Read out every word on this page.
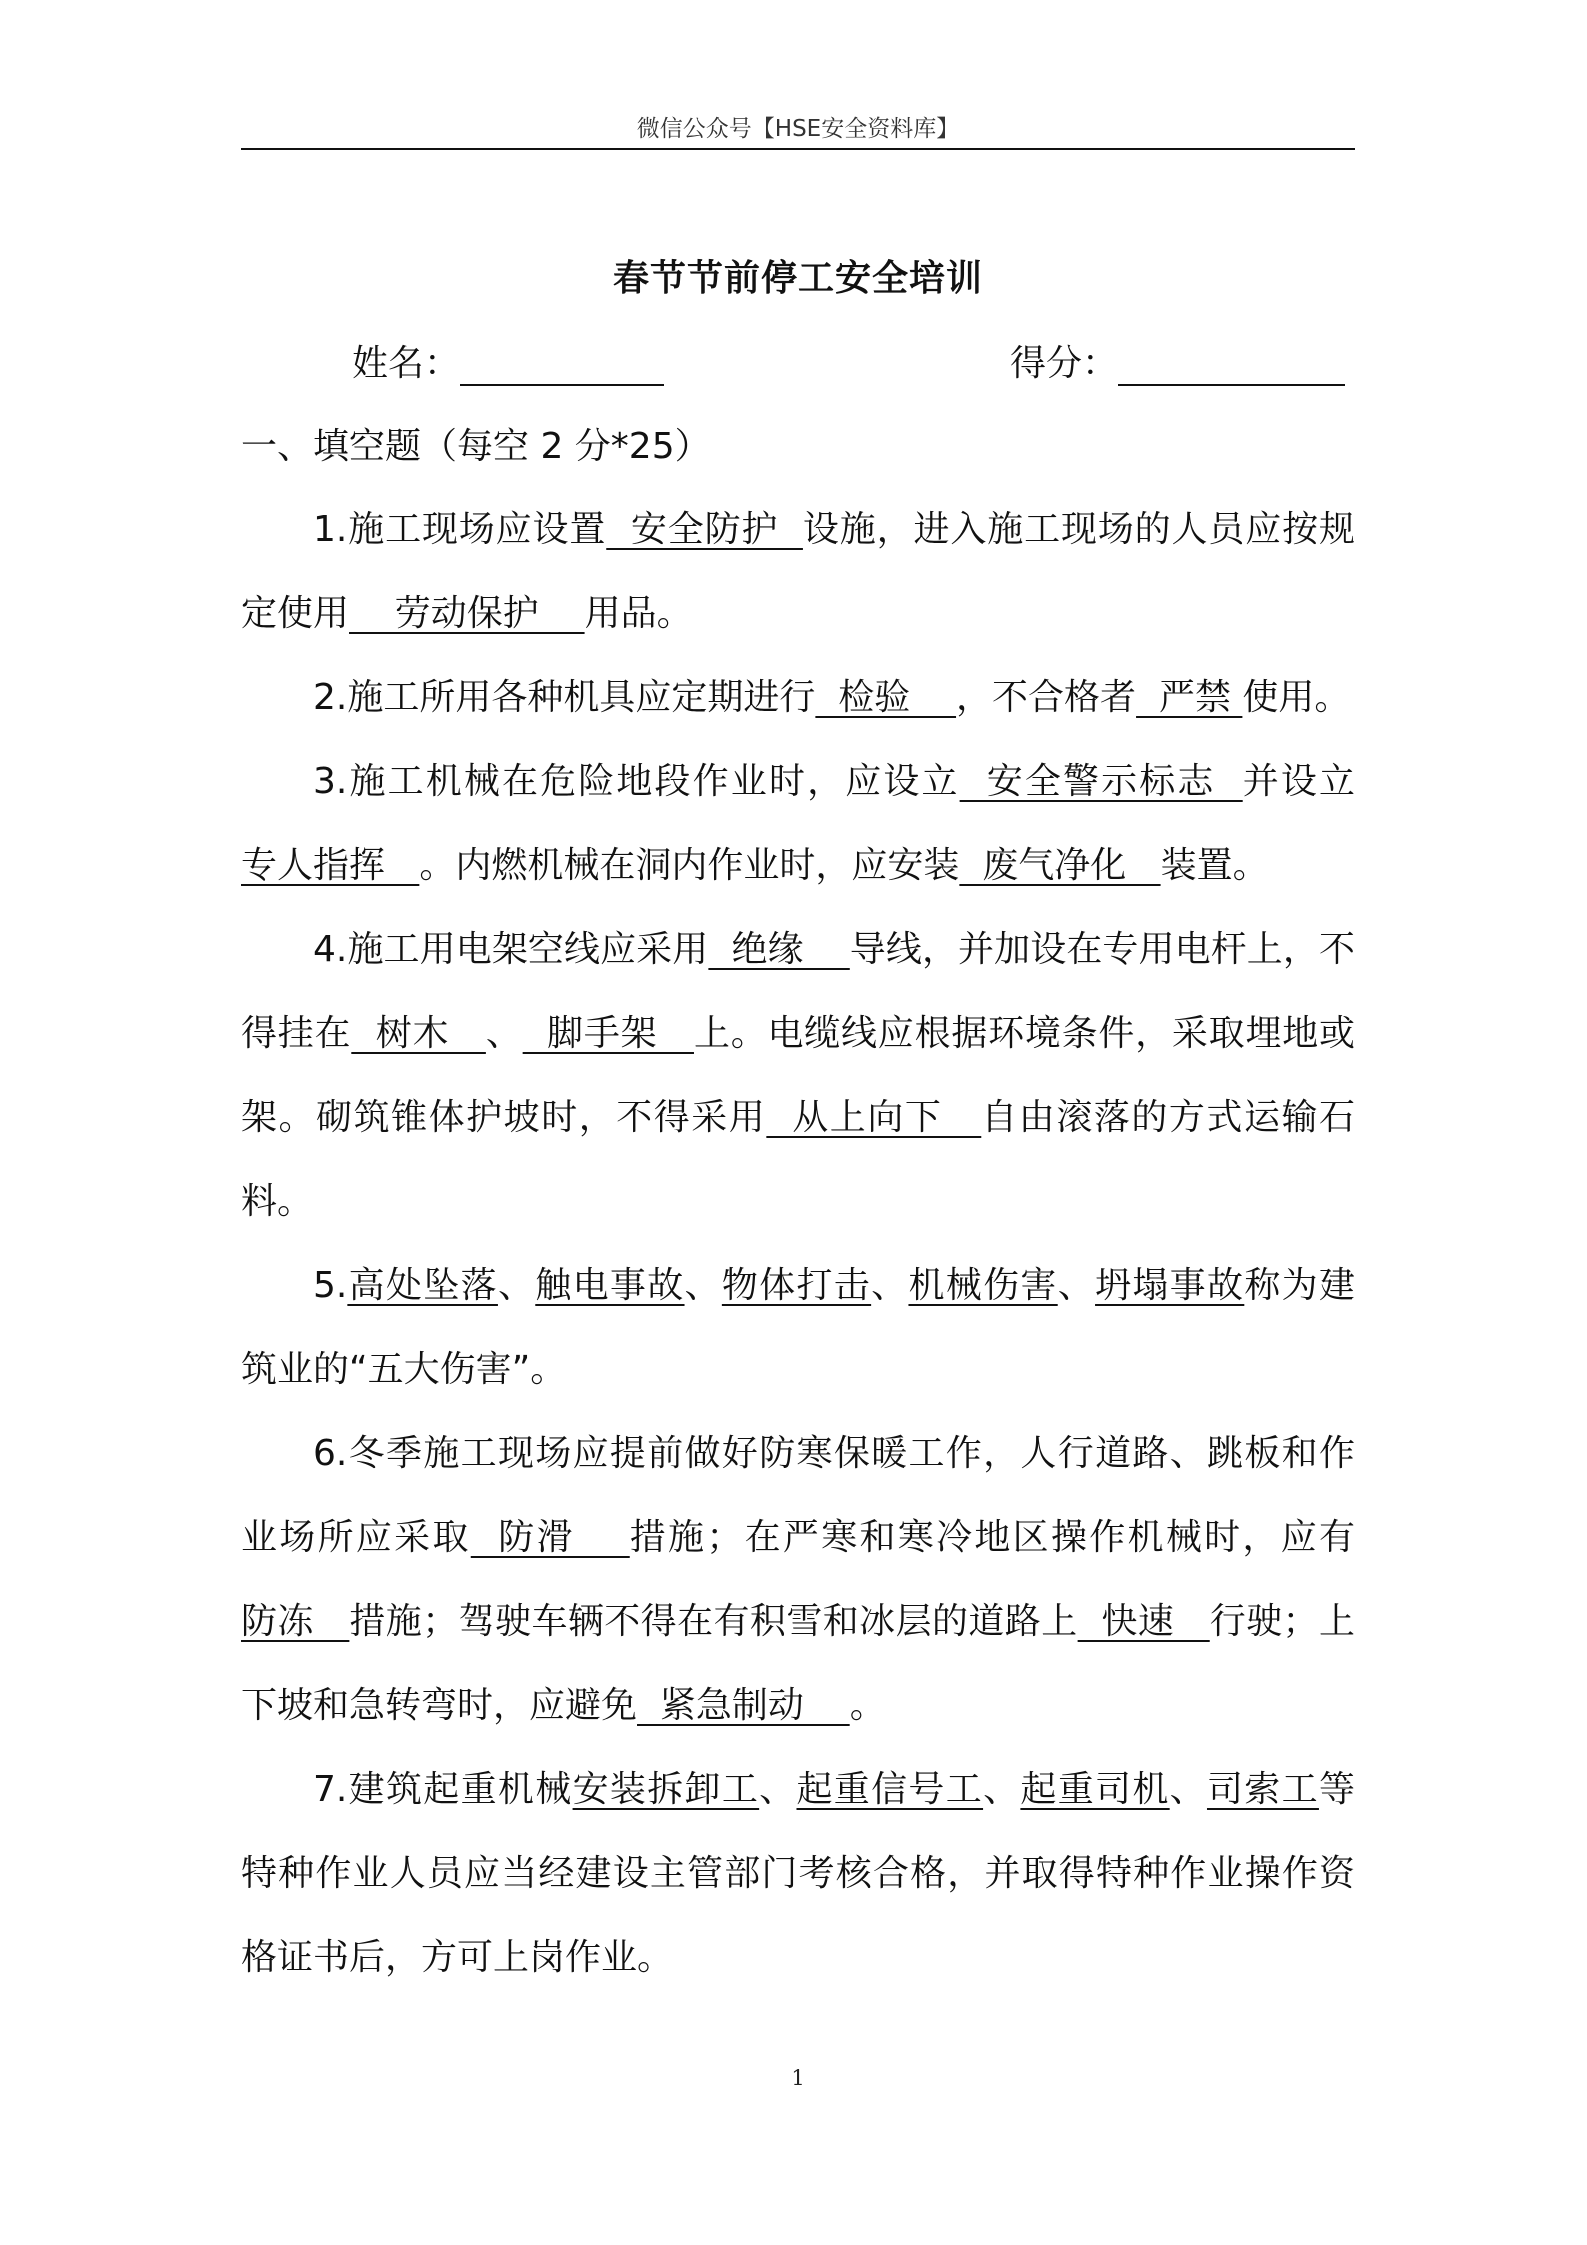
微信公众号【HSE安全资料库】
春节节前停工安全培训
姓名：	得分：
一、填空题（每空 2 分*25）

1.施工现场应设置  安全防护  设施，进入施工现场的人员应按规定使用    劳动保护    用品。

2.施工所用各种机具应定期进行  检验    ，不合格者  严禁 使用。

3.施工机械在危险地段作业时，应设立  安全警示标志  并设立专人指挥   。内燃机械在洞内作业时，应安装  废气净化   装置。

4.施工用电架空线应采用  绝缘    导线，并加设在专用电杆上，不得挂在  树木   、  脚手架   上。电缆线应根据环境条件，采取埋地或架。砌筑锥体护坡时，不得采用  从上向下   自由滚落的方式运输石料。

5.高处坠落、触电事故、物体打击、机械伤害、坍塌事故称为建筑业的“五大伤害”。

6.冬季施工现场应提前做好防寒保暖工作，人行道路、跳板和作业场所应采取  防滑    措施；在严寒和寒冷地区操作机械时，应有防冻   措施；驾驶车辆不得在有积雪和冰层的道路上  快速   行驶；上下坡和急转弯时，应避免  紧急制动    。

7.建筑起重机械安装拆卸工、起重信号工、起重司机、司索工等特种作业人员应当经建设主管部门考核合格，并取得特种作业操作资格证书后，方可上岗作业。

1
